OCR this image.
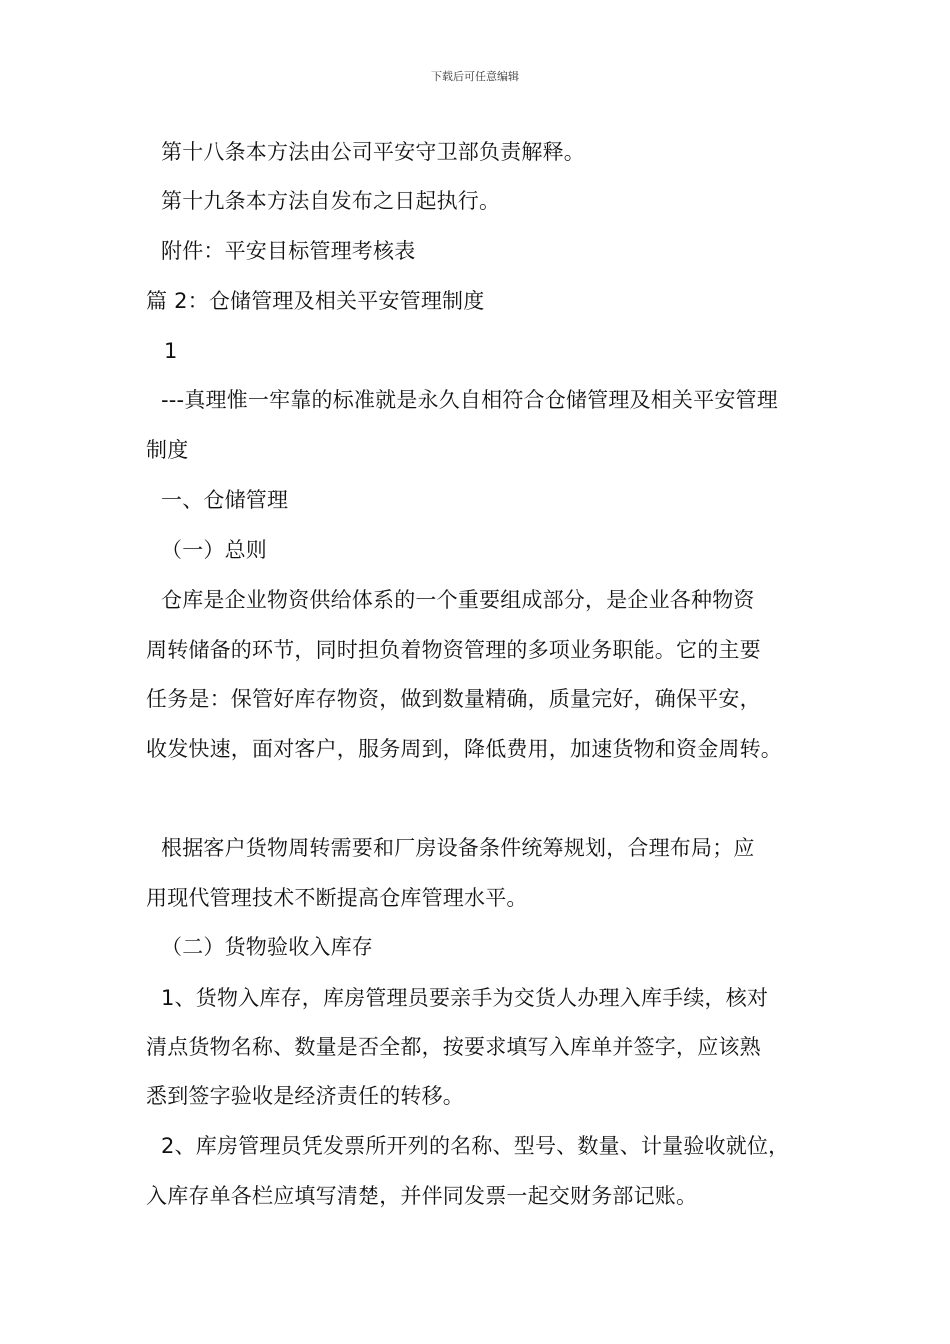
下载后可任意编辑
第十八条本方法由公司平安守卫部负责解释。
第十九条本方法自发布之日起执行。
附件：平安目标管理考核表
篇 2：仓储管理及相关平安管理制度
1
---真理惟一牢靠的标准就是永久自相符合仓储管理及相关平安管理
制度
一、仓储管理
（一）总则
仓库是企业物资供给体系的一个重要组成部分，是企业各种物资
周转储备的环节，同时担负着物资管理的多项业务职能。它的主要
任务是：保管好库存物资，做到数量精确，质量完好，确保平安，
收发快速，面对客户，服务周到，降低费用，加速货物和资金周转。
根据客户货物周转需要和厂房设备条件统筹规划，合理布局；应
用现代管理技术不断提高仓库管理水平。
（二）货物验收入库存
1、货物入库存，库房管理员要亲手为交货人办理入库手续，核对
清点货物名称、数量是否全都，按要求填写入库单并签字，应该熟
悉到签字验收是经济责任的转移。
2、库房管理员凭发票所开列的名称、型号、数量、计量验收就位，
入库存单各栏应填写清楚，并伴同发票一起交财务部记账。
